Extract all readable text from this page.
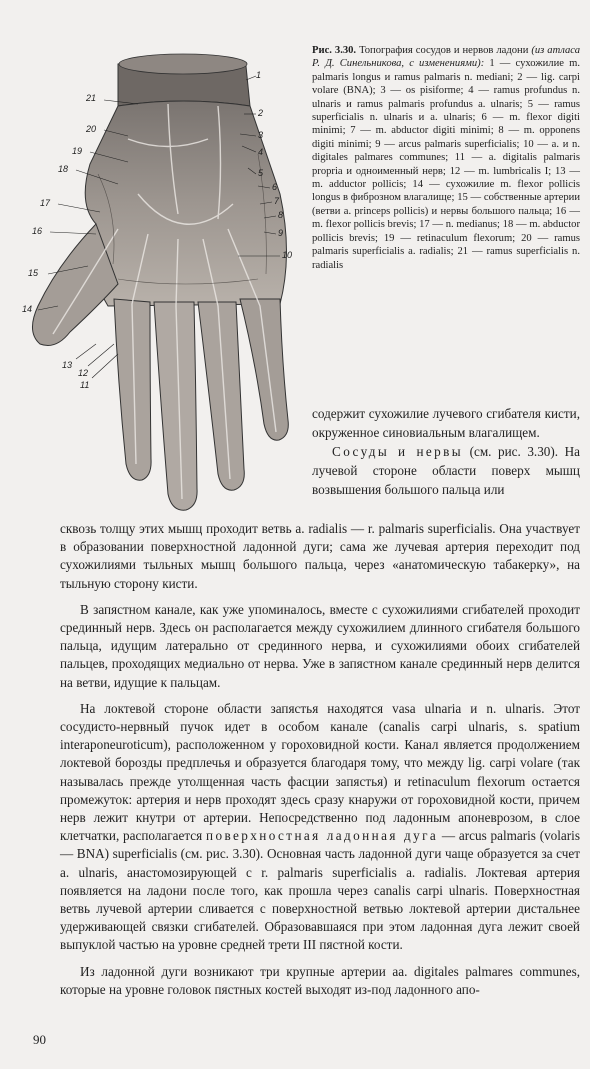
1
21
2
20
3
4
19
5
18
6
7
17
8
16	9
10
15
14
13
12
11
Рис. 3.30. Топография сосудов и нервов ладони (из атласа Р. Д. Синельникова, с изменениями): 1 — сухожилие m. palmaris longus и ramus palmaris n. mediani; 2 — lig. carpi volare (BNA); 3 — os pisiforme; 4 — ramus profundus n. ulnaris и ramus palmaris profundus a. ulnaris; 5 — ramus superficialis n. ulnaris и a. ulnaris; 6 — m. flexor digiti minimi; 7 — m. abductor digiti minimi; 8 — m. opponens digiti minimi; 9 — arcus palmaris superficialis; 10 — a. и n. digitales palmares communes; 11 — a. digitalis palmaris propria и одноименный нерв; 12 — m. lumbricalis I; 13 — m. adductor pollicis; 14 — сухожилие m. flexor pollicis longus в фиброзном влагалище; 15 — собственные артерии (ветви a. princeps pollicis) и нервы большого пальца; 16 — m. flexor pollicis brevis; 17 — n. medianus; 18 — m. abductor pollicis brevis; 19 — retinaculum flexorum; 20 — ramus palmaris superficialis a. radialis; 21 — ramus superficialis n. radialis

содержит сухожилие лучевого сгибателя кисти, окруженное синовиальным влагалищем.

Сосуды и нервы (см. рис. 3.30). На лучевой стороне области поверх мышц возвышения большого пальца или

сквозь толщу этих мышц проходит ветвь a. radialis — r. palmaris superficialis. Она участвует в образовании поверхностной ладонной дуги; сама же лучевая артерия переходит под сухожилиями тыльных мышц большого пальца, через «анатомическую табакерку», на тыльную сторону кисти.

В запястном канале, как уже упоминалось, вместе с сухожилиями сгибателей проходит срединный нерв. Здесь он располагается между сухожилием длинного сгибателя большого пальца, идущим латерально от срединного нерва, и сухожилиями обоих сгибателей пальцев, проходящих медиально от нерва. Уже в запястном канале срединный нерв делится на ветви, идущие к пальцам.

На локтевой стороне области запястья находятся vasa ulnaria и n. ulnaris. Этот сосудисто-нервный пучок идет в особом канале (canalis carpi ulnaris, s. spatium interaponeuroticum), расположенном у гороховидной кости. Канал является продолжением локтевой борозды предплечья и образуется благодаря тому, что между lig. carpi volare (так называлась прежде утолщенная часть фасции запястья) и retinaculum flexorum остается промежуток: артерия и нерв проходят здесь сразу кнаружи от гороховидной кости, причем нерв лежит кнутри от артерии. Непосредственно под ладонным апоневрозом, в слое клетчатки, располагается поверхностная ладонная дуга — arcus palmaris (volaris — BNA) superficialis (см. рис. 3.30). Основная часть ладонной дуги чаще образуется за счет a. ulnaris, анастомозирующей с r. palmaris superficialis a. radialis. Локтевая артерия появляется на ладони после того, как прошла через canalis carpi ulnaris. Поверхностная ветвь лучевой артерии сливается с поверхностной ветвью локтевой артерии дистальнее удерживающей связки сгибателей. Образовавшаяся при этом ладонная дуга лежит своей выпуклой частью на уровне средней трети III пястной кости.

Из ладонной дуги возникают три крупные артерии aa. digitales palmares communes, которые на уровне головок пястных костей выходят из-под ладонного апо-

90
